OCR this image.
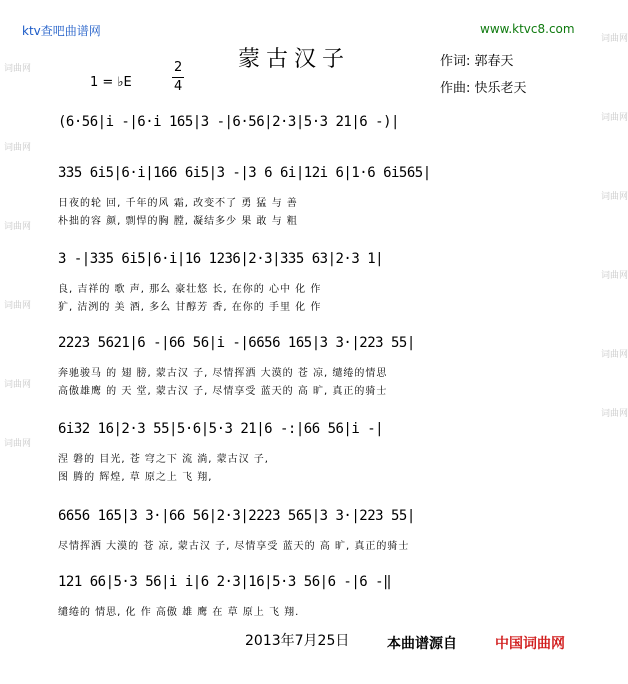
ktv查吧曲谱网	www.ktvc8.com
蒙古汉子	作词: 郭春天
作曲: 快乐老天
1 = ♭E
2
4
词曲网
词曲网
词曲网
词曲网
词曲网
词曲网
词曲网
词曲网
词曲网
词曲网
词曲网
词曲网
(6·56|i -|6·i 165|3 -|6·56|2·3|5·3 21|6 -)|
335 6i5|6·i|166 6i5|3 -|3 6 6i|12i 6|1·6 6i565|
日夜的轮 回, 千年的风 霜, 改变不了 勇 猛 与 善
朴拙的容 颜, 剽悍的胸 膛, 凝结多少 果 敢 与 粗
3 -|335 6i5|6·i|16 1236|2·3|335 63|2·3 1|
良, 吉祥的 歌 声, 那么 豪壮悠 长, 在你的 心中 化 作
犷, 洁洌的 美 酒, 多么 甘醇芳 香, 在你的 手里 化 作
2223 5621|6 -|66 56|i -|6656 165|3 3·|223 55|
奔驰骏马 的 翅 膀, 蒙古汉 子, 尽情挥洒 大漠的 苍 凉, 缱绻的情思
高傲雄鹰 的 天 堂, 蒙古汉 子, 尽情享受 蓝天的 高 旷, 真正的骑士
6i32 16|2·3 55|5·6|5·3 21|6 -:|66 56|i -|
涅 磐的 目光, 苍 穹之下 流 淌, 蒙古汉 子,
图 腾的 辉煌, 草 原之上 飞 翔,
6656 165|3 3·|66 56|2·3|2223 565|3 3·|223 55|
尽情挥洒 大漠的 苍 凉, 蒙古汉 子, 尽情享受 蓝天的 高 旷, 真正的骑士
121 66|5·3 56|i i|6 2·3|16|5·3 56|6 -|6 -‖
缱绻的 情思, 化 作 高傲 雄 鹰 在 草 原上 飞 翔.
2013年7月25日	本曲谱源自	中国词曲网
